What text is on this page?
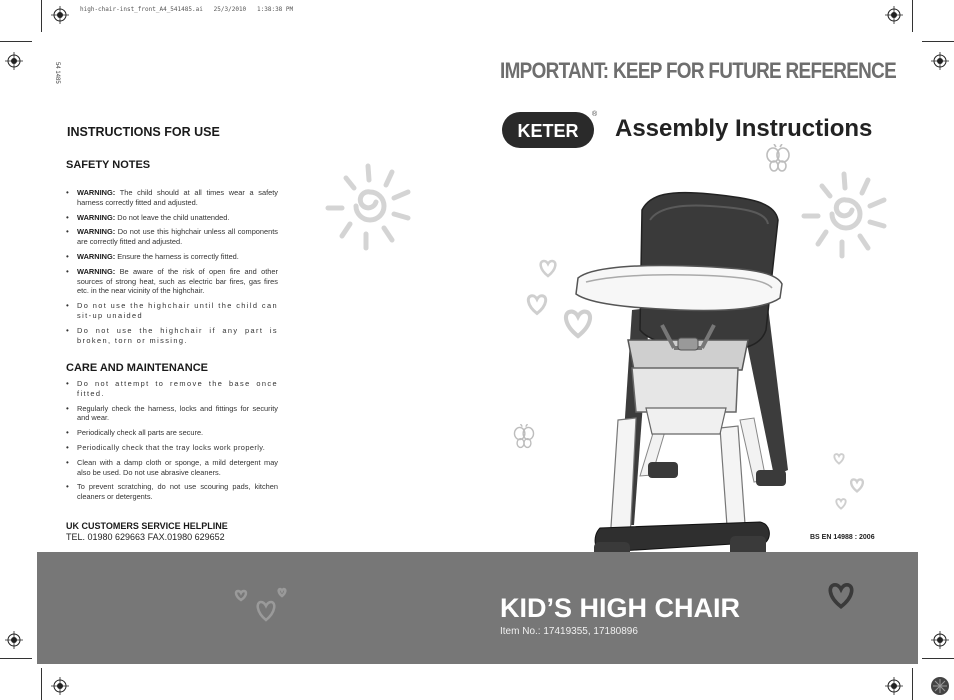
high-chair-inst_front_A4_541485.ai   25/3/2010   1:38:38 PM
54 1485
INSTRUCTIONS FOR USE
SAFETY NOTES
• WARNING: The child should at all times wear a safety harness correctly fitted and adjusted.
• WARNING: Do not leave the child unattended.
• WARNING: Do not use this highchair unless all components are correctly fitted and adjusted.
• WARNING: Ensure the harness is correctly fitted.
• WARNING: Be aware of the risk of open fire and other sources of strong heat, such as electric bar fires, gas fires etc. in the near vicinity of the highchair.
• Do not use the highchair until the child can sit-up unaided
• Do not use the highchair if any part is broken, torn or missing.
CARE AND MAINTENANCE
• Do not attempt to remove the base once fitted.
• Regularly check the harness, locks and fittings for security and wear.
• Periodically check all parts are secure.
• Periodically check that the tray locks work properly.
• Clean with a damp cloth or sponge, a mild detergent may also be used. Do not use abrasive cleaners.
• To prevent scratching, do not use scouring pads, kitchen cleaners or detergents.
UK CUSTOMERS SERVICE HELPLINE
TEL. 01980 629663 FAX.01980 629652
IMPORTANT: KEEP FOR FUTURE REFERENCE
KETER
®
Assembly Instructions
BS EN 14988 : 2006
KID’S HIGH CHAIR
Item No.: 17419355, 17180896
